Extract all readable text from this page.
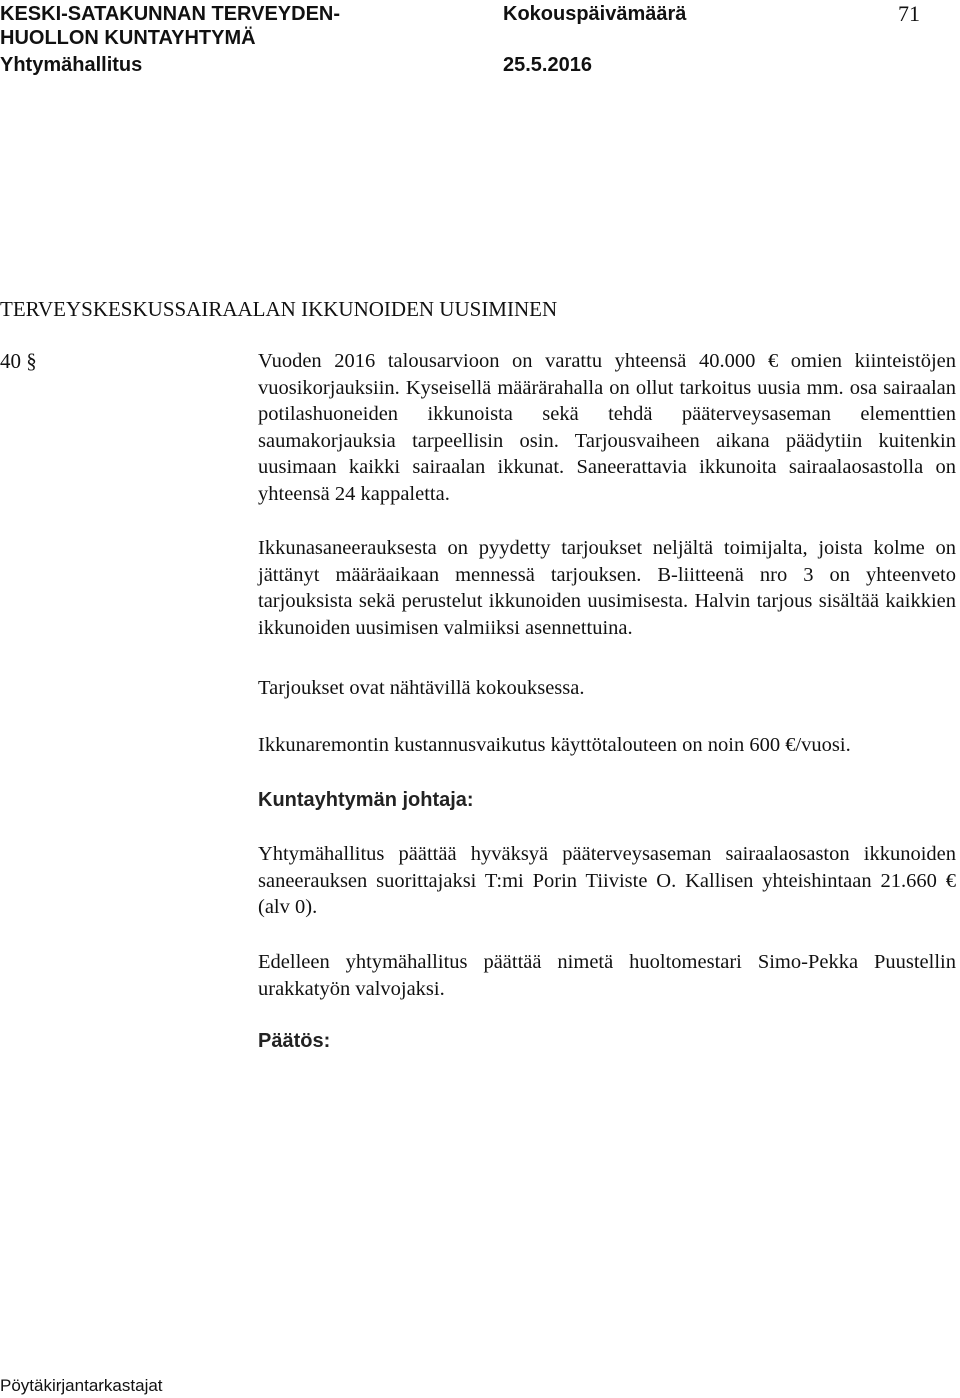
KESKI-SATAKUNNAN TERVEYDEN-
HUOLLON KUNTAYHTYMÄ
Yhtymähallitus
Kokouspäivämäärä
25.5.2016
71
TERVEYSKESKUSSAIRAALAN IKKUNOIDEN UUSIMINEN
40 §	Vuoden 2016 talousarvioon on varattu yhteensä 40.000 € omien kiinteistöjen vuosikorjauksiin. Kyseisellä määrärahalla on ollut tarkoitus uusia mm. osa sairaalan potilashuoneiden ikkunoista sekä tehdä pääterveysaseman elementtien saumakorjauksia tarpeellisin osin. Tarjousvaiheen aikana päädytiin kuitenkin uusimaan kaikki sairaalan ikkunat. Saneerattavia ikkunoita sairaalaosastolla on yhteensä 24 kappaletta.

Ikkunasaneerauksesta on pyydetty tarjoukset neljältä toimijalta, joista kolme on jättänyt määräaikaan mennessä tarjouksen. B-liitteenä nro 3 on yhteenveto tarjouksista sekä perustelut ikkunoiden uusimisesta. Halvin tarjous sisältää kaikkien ikkunoiden uusimisen valmiiksi asennettuina.

Tarjoukset ovat nähtävillä kokouksessa.

Ikkunaremontin kustannusvaikutus käyttötalouteen on noin 600 €/vuosi.

Kuntayhtymän johtaja:

Yhtymähallitus päättää hyväksyä pääterveysaseman sairaalaosaston ikkunoiden saneerauksen suorittajaksi T:mi Porin Tiiviste O. Kallisen yhteishintaan 21.660 € (alv 0).

Edelleen yhtymähallitus päättää nimetä huoltomestari Simo-Pekka Puustellin urakkatyön valvojaksi.

Päätös:
Pöytäkirjantarkastajat
